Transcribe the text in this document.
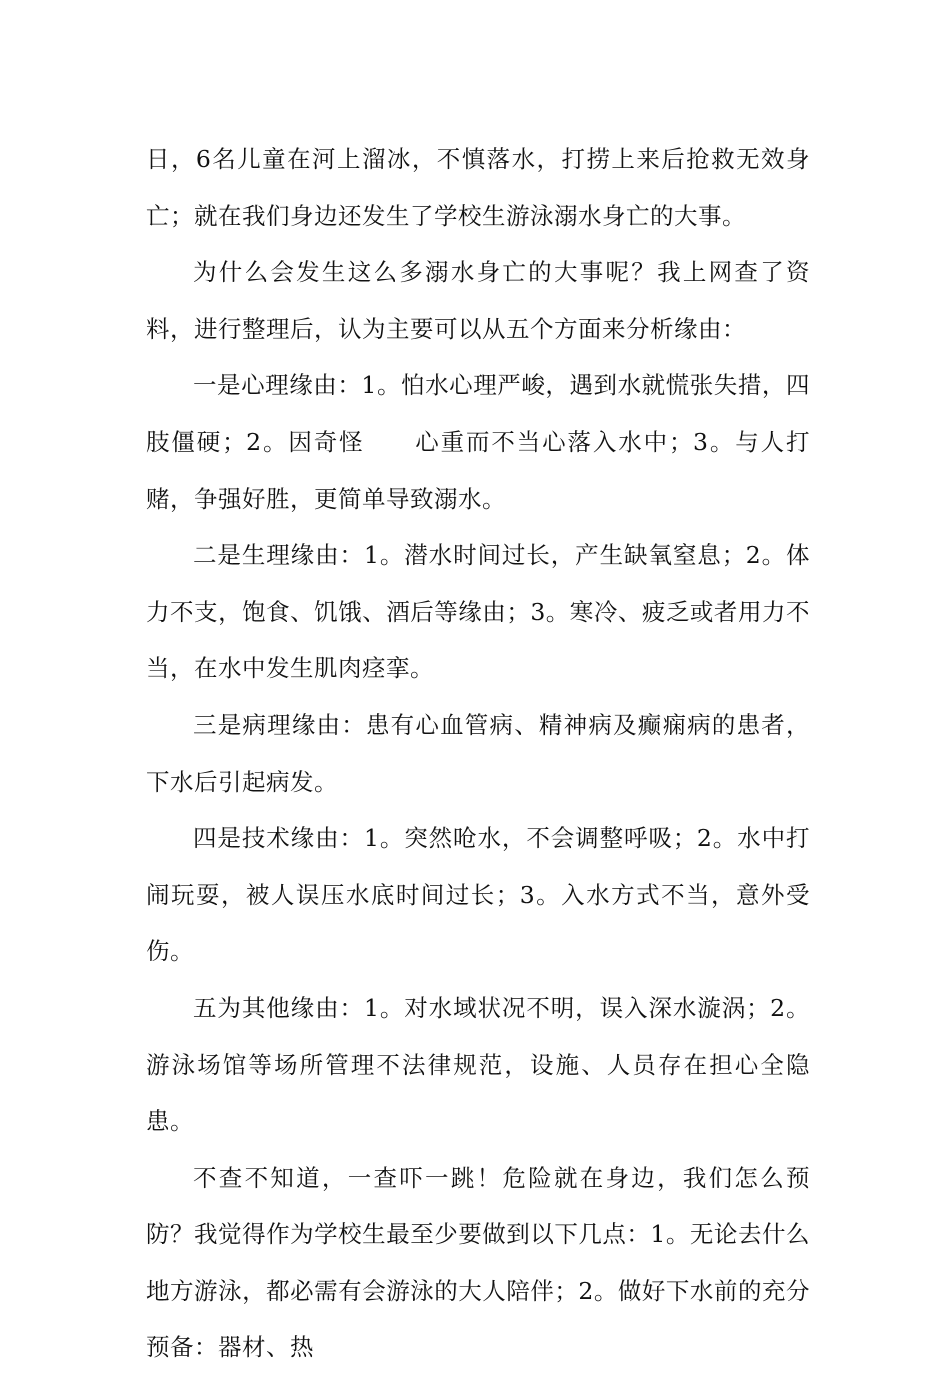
日，6名儿童在河上溜冰，不慎落水，打捞上来后抢救无效身亡；就在我们身边还发生了学校生游泳溺水身亡的大事。

为什么会发生这么多溺水身亡的大事呢？我上网查了资料，进行整理后，认为主要可以从五个方面来分析缘由：

一是心理缘由：1。怕水心理严峻，遇到水就慌张失措，四肢僵硬；2。因奇怪　　心重而不当心落入水中；3。与人打赌，争强好胜，更简单导致溺水。

二是生理缘由：1。潜水时间过长，产生缺氧窒息；2。体力不支，饱食、饥饿、酒后等缘由；3。寒冷、疲乏或者用力不当，在水中发生肌肉痉挛。

三是病理缘由：患有心血管病、精神病及癫痫病的患者，下水后引起病发。

四是技术缘由：1。突然呛水，不会调整呼吸；2。水中打闹玩耍，被人误压水底时间过长；3。入水方式不当，意外受伤。

五为其他缘由：1。对水域状况不明，误入深水漩涡；2。游泳场馆等场所管理不法律规范，设施、人员存在担心全隐患。

不查不知道，一查吓一跳！危险就在身边，我们怎么预防？我觉得作为学校生最至少要做到以下几点：1。无论去什么地方游泳，都必需有会游泳的大人陪伴；2。做好下水前的充分预备：器材、热
